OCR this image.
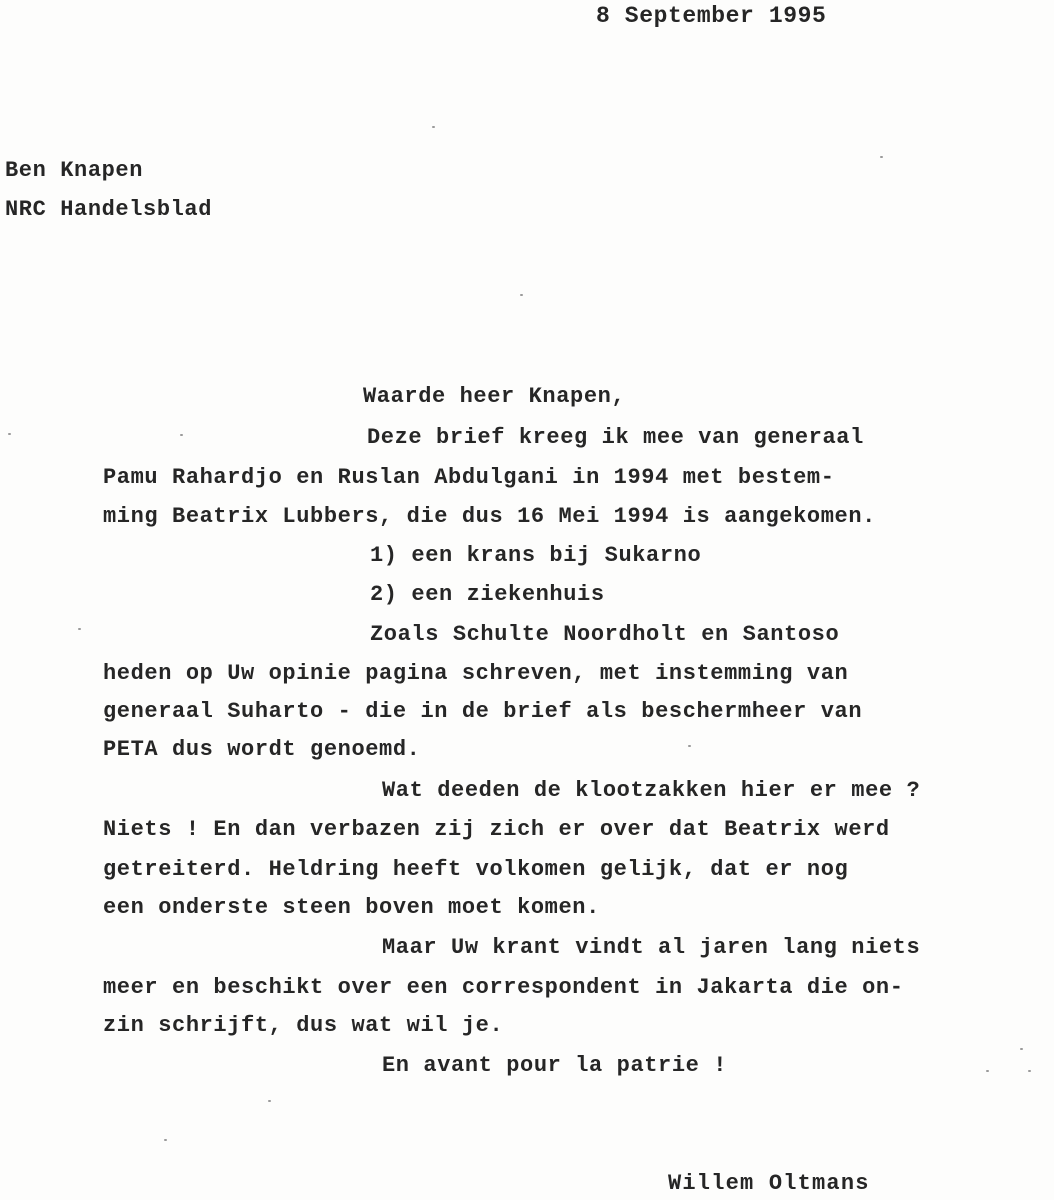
8 September 1995
Ben Knapen
NRC Handelsblad
Waarde heer Knapen,
Deze brief kreeg ik mee van generaal
Pamu Rahardjo en Ruslan Abdulgani in 1994 met bestem-
ming Beatrix Lubbers, die dus 16 Mei 1994 is aangekomen.
1) een krans bij Sukarno
2) een ziekenhuis
Zoals Schulte Noordholt en Santoso
heden op Uw opinie pagina schreven, met instemming van
generaal Suharto - die in de brief als beschermheer van
PETA dus wordt genoemd.
Wat deeden de klootzakken hier er mee ?
Niets ! En dan verbazen zij zich er over dat Beatrix werd
getreiterd. Heldring heeft volkomen gelijk, dat er nog
een onderste steen boven moet komen.
Maar Uw krant vindt al jaren lang niets
meer en beschikt over een correspondent in Jakarta die on-
zin schrijft, dus wat wil je.
En avant pour la patrie !
Willem Oltmans
